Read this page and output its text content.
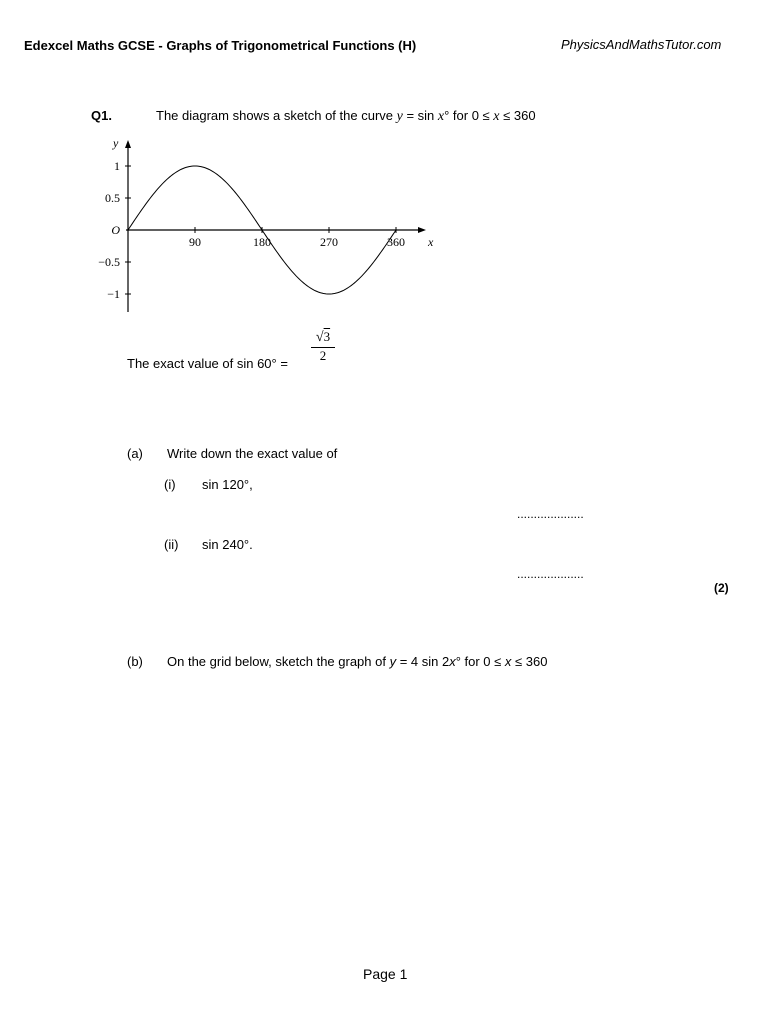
Edexcel Maths GCSE - Graphs of Trigonometrical Functions (H)	PhysicsAndMathsTutor.com
Q1.	The diagram shows a sketch of the curve y = sin x° for 0 ≤ x ≤ 360
90	180	270	360
1
0.5
−0.5
−1
O
x
y
The exact value of $\sin 60^\circ = \frac{√3}{2}$
(a) Write down the exact value of
(i) sin 120°,
....................
(ii) sin 240°.
....................
(2)
(b) On the grid below, sketch the graph of y = 4 sin 2x° for 0 ≤ x ≤ 360
Page 1
